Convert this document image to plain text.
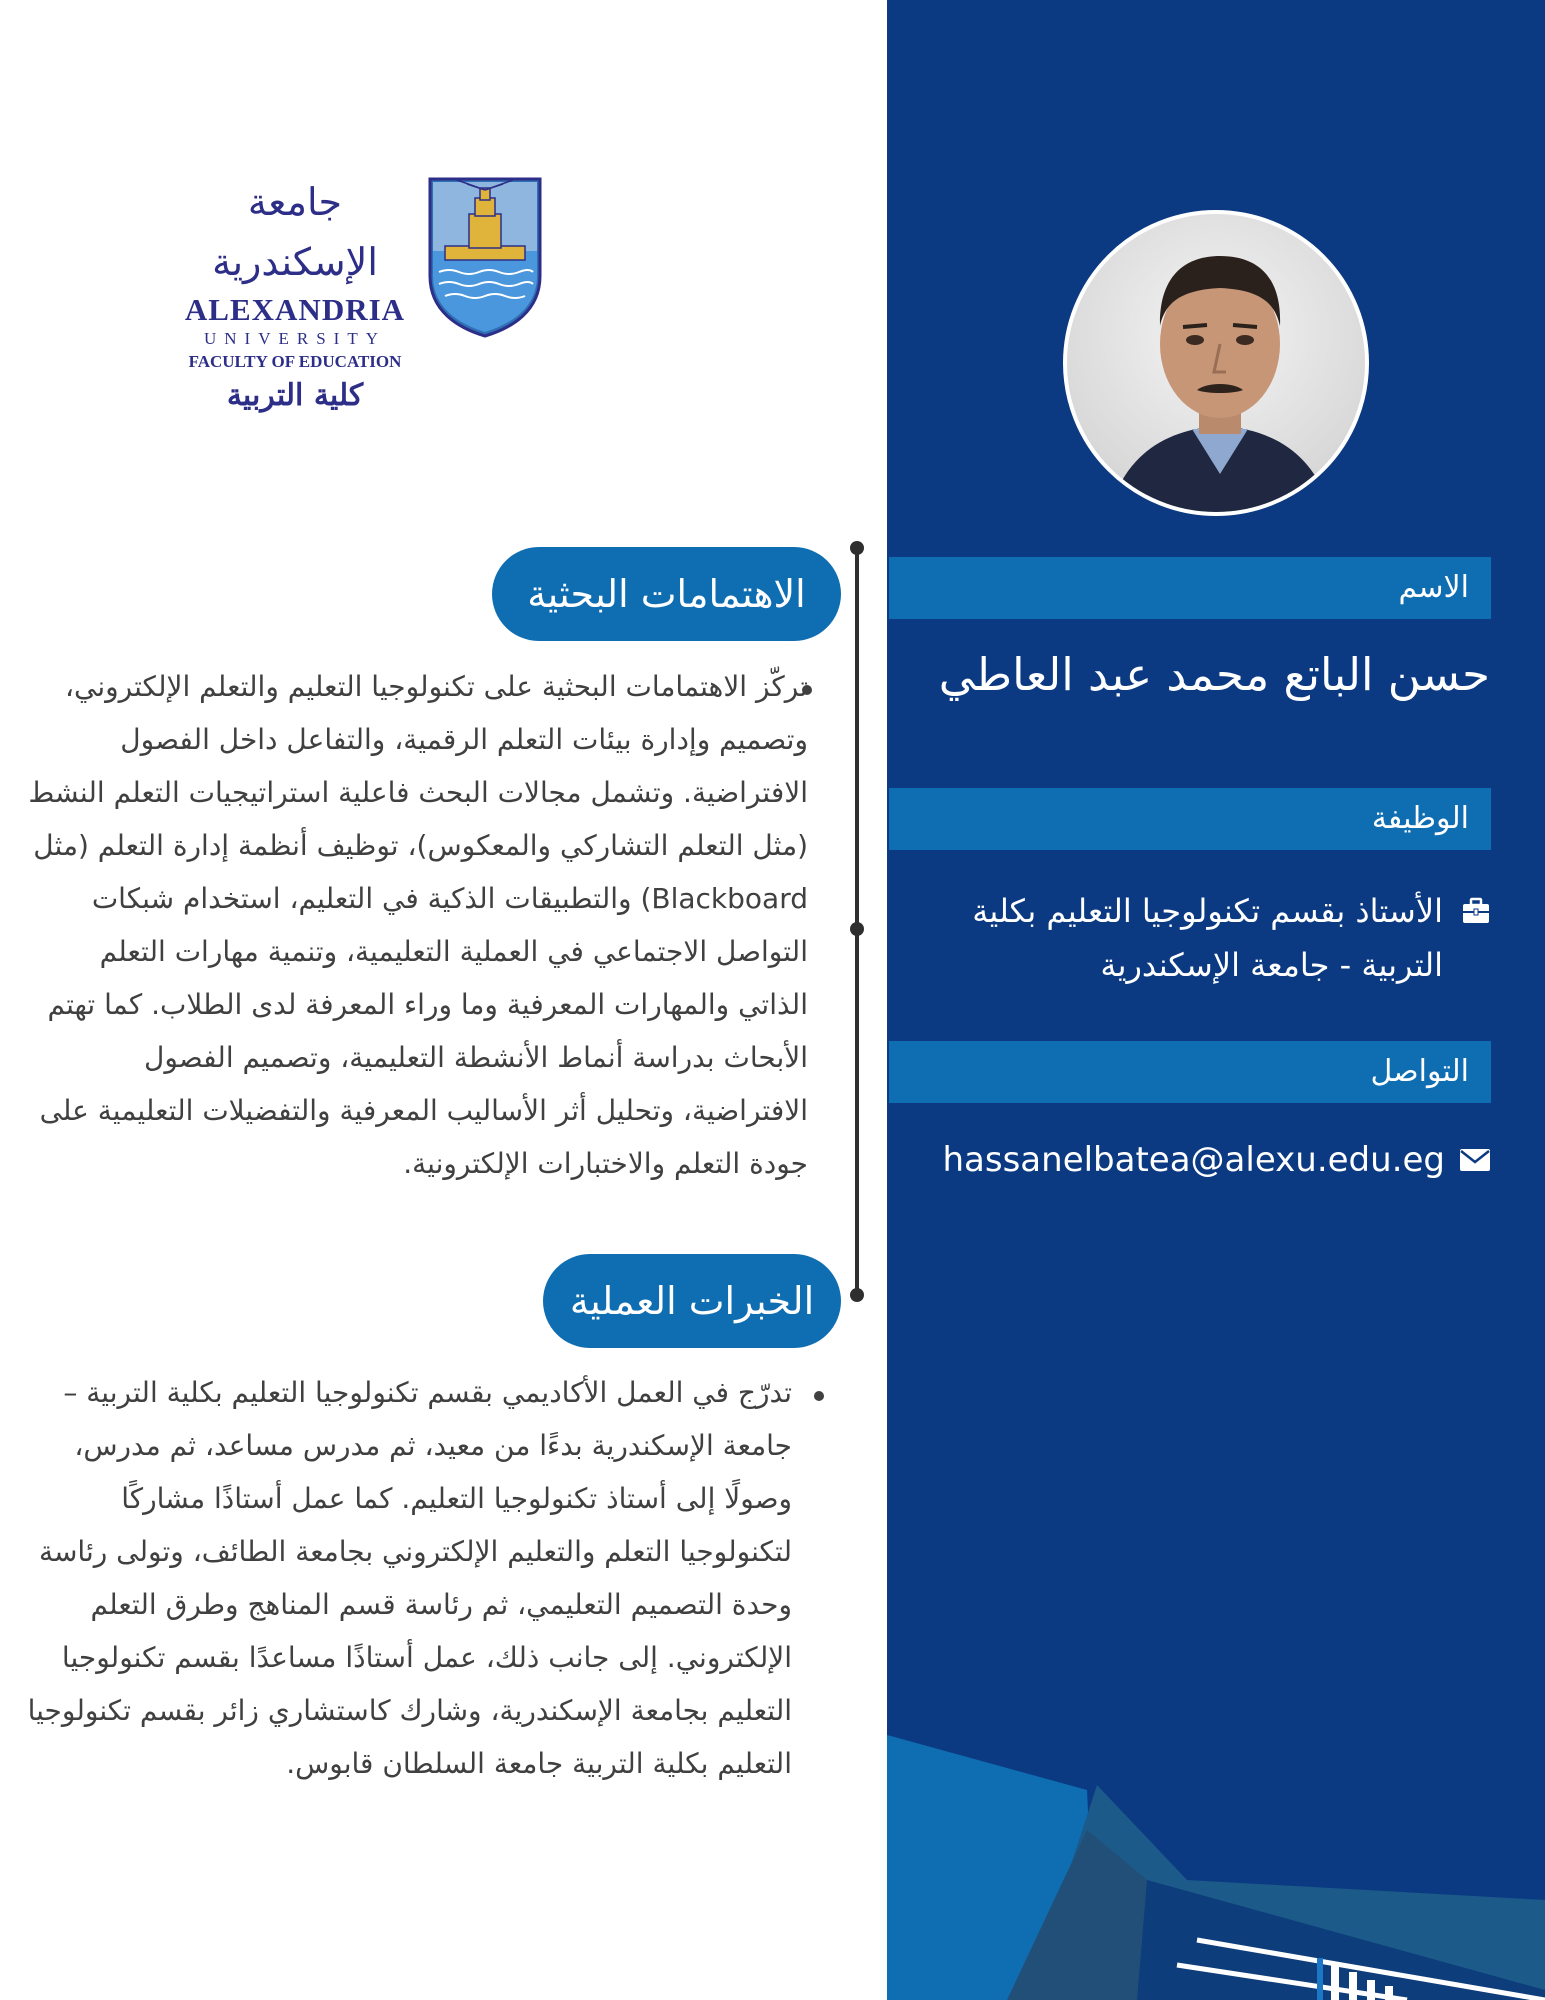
الاسم
حسن الباتع محمد عبد العاطي
الوظيفة
الأستاذ بقسم تكنولوجيا التعليم بكلية التربية - جامعة الإسكندرية
التواصل
hassanelbatea@alexu.edu.eg
جامعة الإسكندرية
ALEXANDRIA
UNIVERSITY
FACULTY OF EDUCATION
كلية التربية
الاهتمامات البحثية
تركّز الاهتمامات البحثية على تكنولوجيا التعليم والتعلم الإلكتروني، وتصميم وإدارة بيئات التعلم الرقمية، والتفاعل داخل الفصول الافتراضية. وتشمل مجالات البحث فاعلية استراتيجيات التعلم النشط (مثل التعلم التشاركي والمعكوس)، توظيف أنظمة إدارة التعلم (مثل Blackboard) والتطبيقات الذكية في التعليم، استخدام شبكات التواصل الاجتماعي في العملية التعليمية، وتنمية مهارات التعلم الذاتي والمهارات المعرفية وما وراء المعرفة لدى الطلاب. كما تهتم الأبحاث بدراسة أنماط الأنشطة التعليمية، وتصميم الفصول الافتراضية، وتحليل أثر الأساليب المعرفية والتفضيلات التعليمية على جودة التعلم والاختبارات الإلكترونية.
الخبرات العملية
تدرّج في العمل الأكاديمي بقسم تكنولوجيا التعليم بكلية التربية – جامعة الإسكندرية بدءًا من معيد، ثم مدرس مساعد، ثم مدرس، وصولًا إلى أستاذ تكنولوجيا التعليم. كما عمل أستاذًا مشاركًا لتكنولوجيا التعلم والتعليم الإلكتروني بجامعة الطائف، وتولى رئاسة وحدة التصميم التعليمي، ثم رئاسة قسم المناهج وطرق التعلم الإلكتروني. إلى جانب ذلك، عمل أستاذًا مساعدًا بقسم تكنولوجيا التعليم بجامعة الإسكندرية، وشارك كاستشاري زائر بقسم تكنولوجيا التعليم بكلية التربية جامعة السلطان قابوس.
